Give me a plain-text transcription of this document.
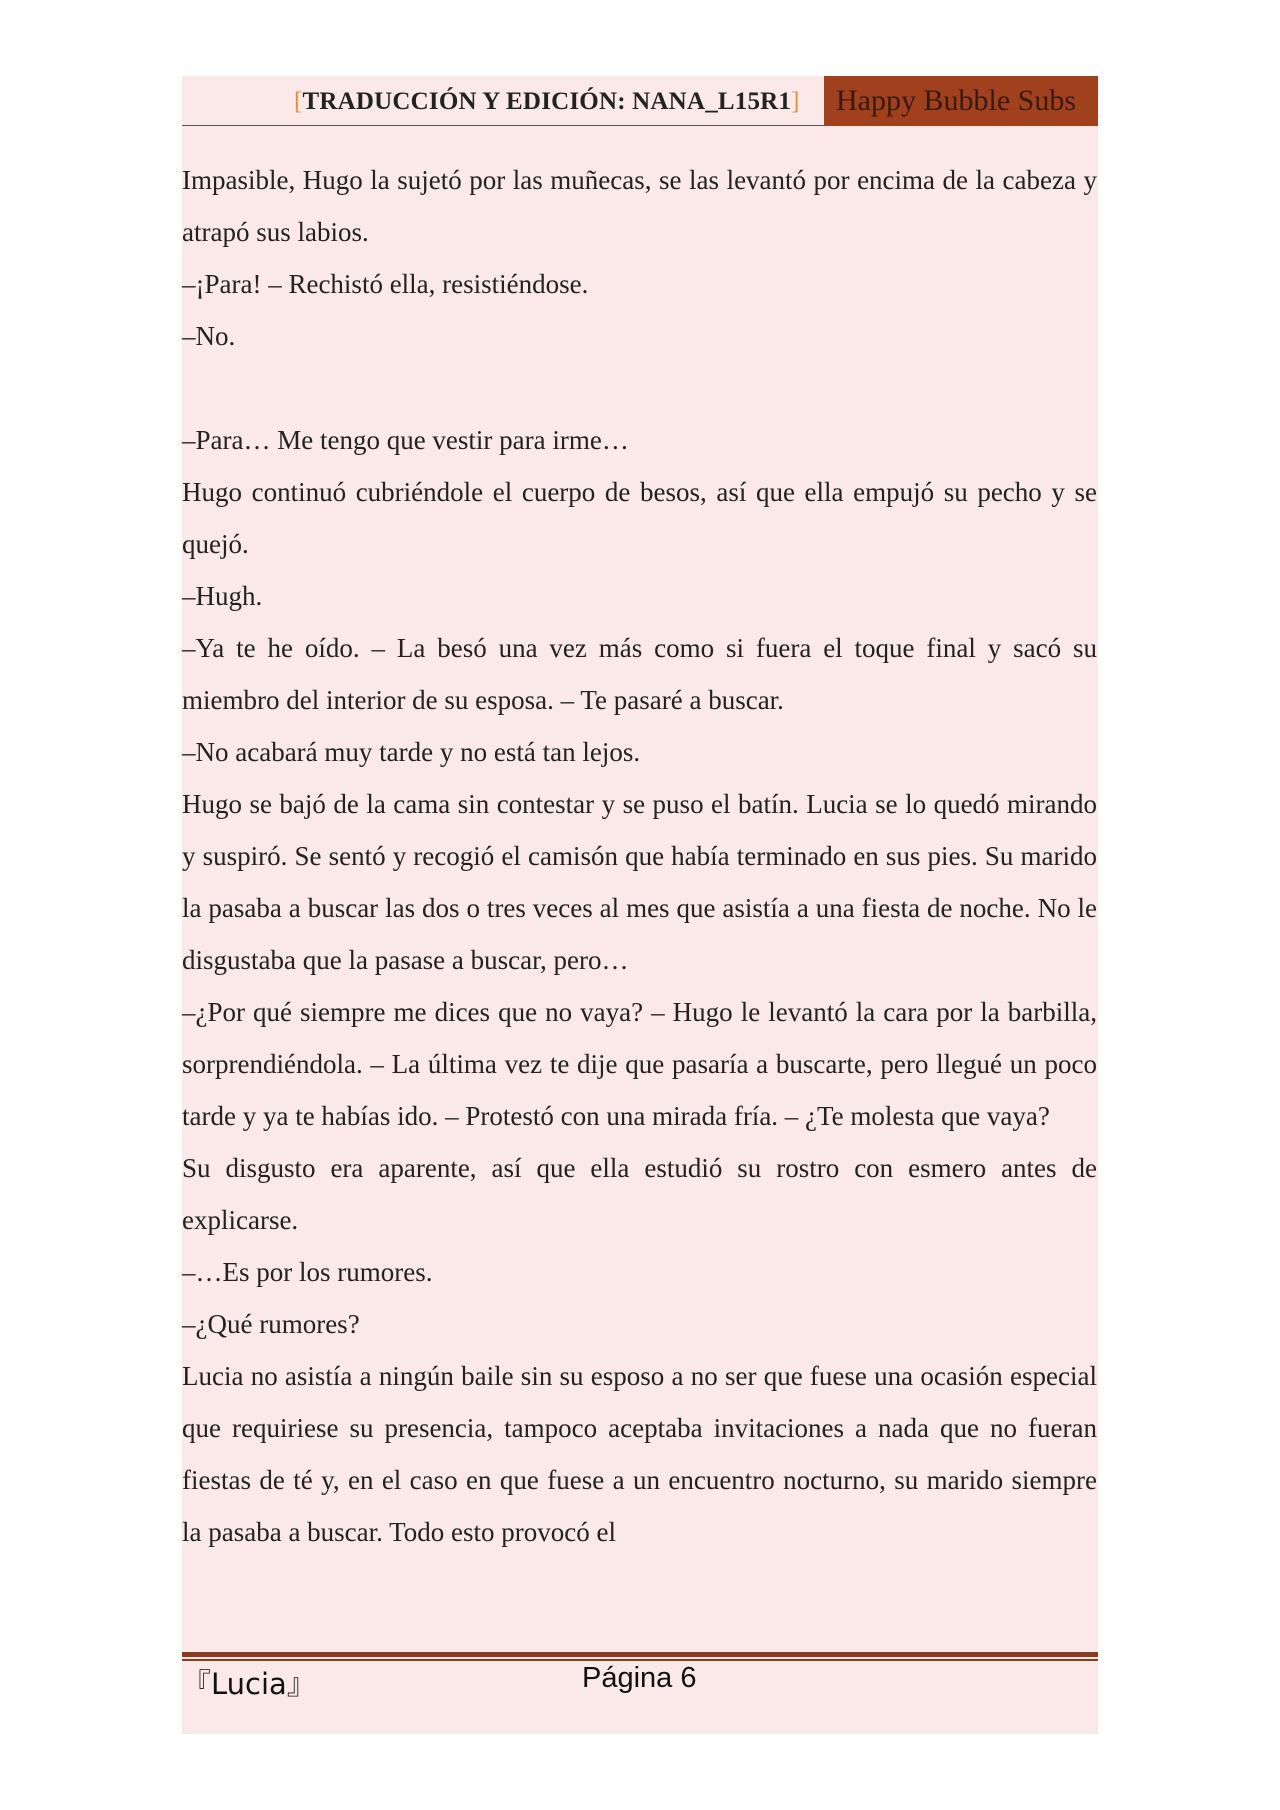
[TRADUCCIÓN Y EDICIÓN: NANA_L15R1] Happy Bubble Subs

Impasible, Hugo la sujetó por las muñecas, se las levantó por encima de la cabeza y atrapó sus labios.

–¡Para! – Rechistó ella, resistiéndose.

–No.

–Para… Me tengo que vestir para irme…

Hugo continuó cubriéndole el cuerpo de besos, así que ella empujó su pecho y se quejó.

–Hugh.

–Ya te he oído. – La besó una vez más como si fuera el toque final y sacó su miembro del interior de su esposa. – Te pasaré a buscar.

–No acabará muy tarde y no está tan lejos.

Hugo se bajó de la cama sin contestar y se puso el batín. Lucia se lo quedó mirando y suspiró. Se sentó y recogió el camisón que había terminado en sus pies. Su marido la pasaba a buscar las dos o tres veces al mes que asistía a una fiesta de noche. No le disgustaba que la pasase a buscar, pero…

–¿Por qué siempre me dices que no vaya? – Hugo le levantó la cara por la barbilla, sorprendiéndola. – La última vez te dije que pasaría a buscarte, pero llegué un poco tarde y ya te habías ido. – Protestó con una mirada fría. – ¿Te molesta que vaya?

Su disgusto era aparente, así que ella estudió su rostro con esmero antes de explicarse.

–…Es por los rumores.

–¿Qué rumores?

Lucia no asistía a ningún baile sin su esposo a no ser que fuese una ocasión especial que requiriese su presencia, tampoco aceptaba invitaciones a nada que no fueran fiestas de té y, en el caso en que fuese a un encuentro nocturno, su marido siempre la pasaba a buscar. Todo esto provocó el

『Lucia』	Página 6
